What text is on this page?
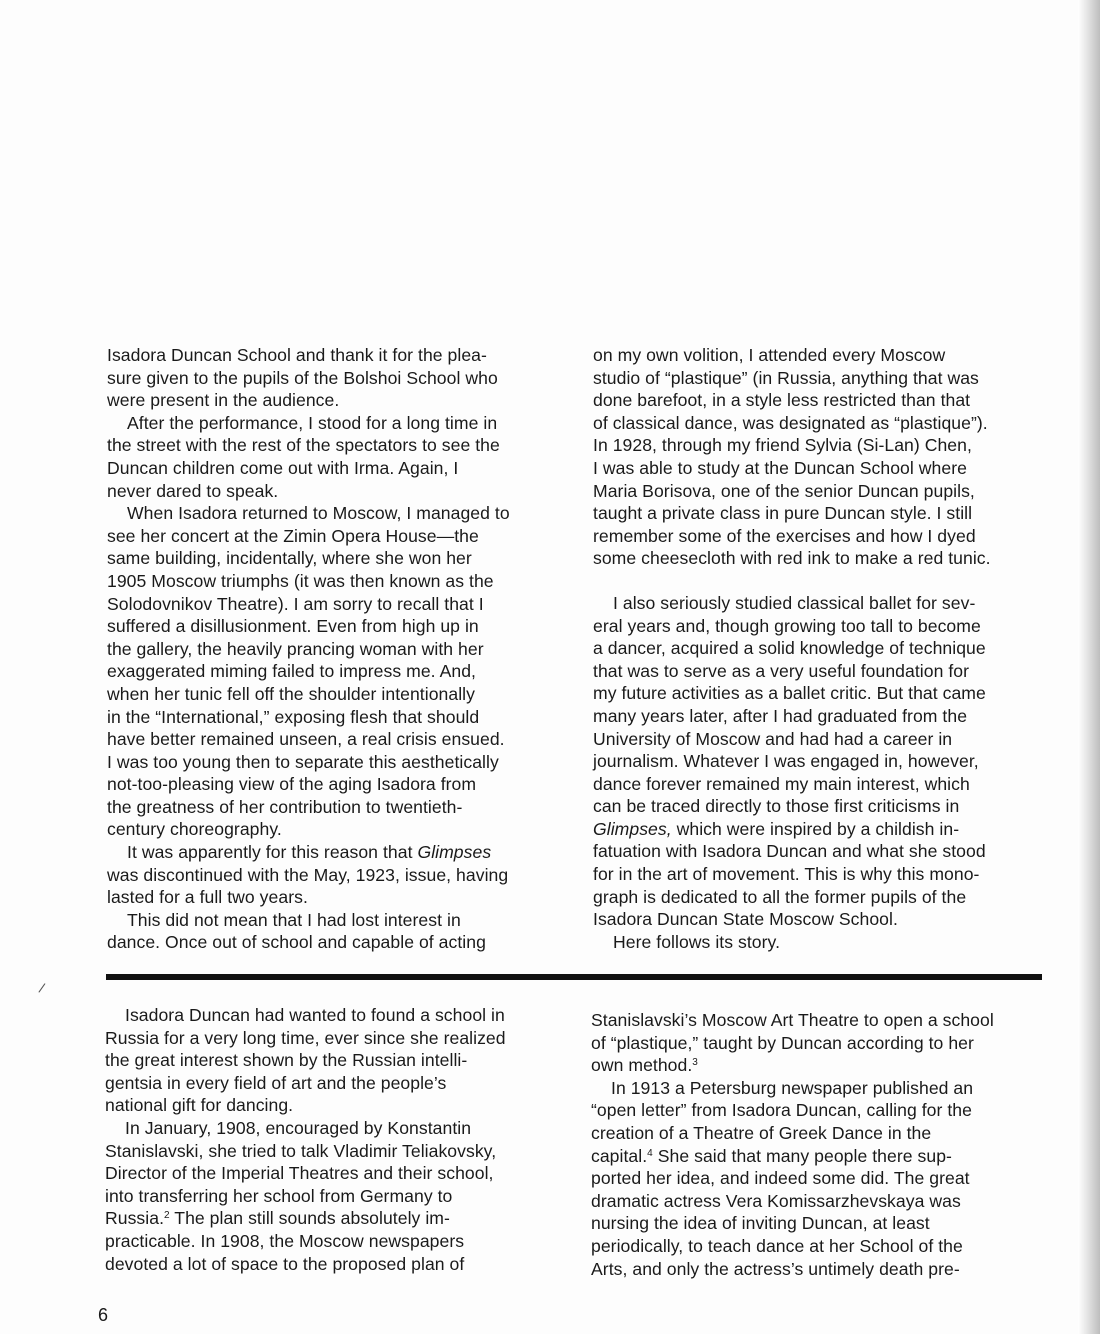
Isadora Duncan School and thank it for the plea-
sure given to the pupils of the Bolshoi School who
were present in the audience.
After the performance, I stood for a long time in
the street with the rest of the spectators to see the
Duncan children come out with Irma. Again, I
never dared to speak.
When Isadora returned to Moscow, I managed to
see her concert at the Zimin Opera House—the
same building, incidentally, where she won her
1905 Moscow triumphs (it was then known as the
Solodovnikov Theatre). I am sorry to recall that I
suffered a disillusionment. Even from high up in
the gallery, the heavily prancing woman with her
exaggerated miming failed to impress me. And,
when her tunic fell off the shoulder intentionally
in the “International,” exposing flesh that should
have better remained unseen, a real crisis ensued.
I was too young then to separate this aesthetically
not-too-pleasing view of the aging Isadora from
the greatness of her contribution to twentieth-
century choreography.
It was apparently for this reason that Glimpses
was discontinued with the May, 1923, issue, having
lasted for a full two years.
This did not mean that I had lost interest in
dance. Once out of school and capable of acting
on my own volition, I attended every Moscow
studio of “plastique” (in Russia, anything that was
done barefoot, in a style less restricted than that
of classical dance, was designated as “plastique”).
In 1928, through my friend Sylvia (Si-Lan) Chen,
I was able to study at the Duncan School where
Maria Borisova, one of the senior Duncan pupils,
taught a private class in pure Duncan style. I still
remember some of the exercises and how I dyed
some cheesecloth with red ink to make a red tunic.
I also seriously studied classical ballet for sev-
eral years and, though growing too tall to become
a dancer, acquired a solid knowledge of technique
that was to serve as a very useful foundation for
my future activities as a ballet critic. But that came
many years later, after I had graduated from the
University of Moscow and had had a career in
journalism. Whatever I was engaged in, however,
dance forever remained my main interest, which
can be traced directly to those first criticisms in
Glimpses, which were inspired by a childish in-
fatuation with Isadora Duncan and what she stood
for in the art of movement. This is why this mono-
graph is dedicated to all the former pupils of the
Isadora Duncan State Moscow School.
Here follows its story.
/
Isadora Duncan had wanted to found a school in
Russia for a very long time, ever since she realized
the great interest shown by the Russian intelli-
gentsia in every field of art and the people’s
national gift for dancing.
In January, 1908, encouraged by Konstantin
Stanislavski, she tried to talk Vladimir Teliakovsky,
Director of the Imperial Theatres and their school,
into transferring her school from Germany to
Russia.$^2$ The plan still sounds absolutely im-
practicable. In 1908, the Moscow newspapers
devoted a lot of space to the proposed plan of
Stanislavski’s Moscow Art Theatre to open a school
of “plastique,” taught by Duncan according to her
own method.$^3$
In 1913 a Petersburg newspaper published an
“open letter” from Isadora Duncan, calling for the
creation of a Theatre of Greek Dance in the
capital.$^4$ She said that many people there sup-
ported her idea, and indeed some did. The great
dramatic actress Vera Komissarzhevskaya was
nursing the idea of inviting Duncan, at least
periodically, to teach dance at her School of the
Arts, and only the actress’s untimely death pre-
6
